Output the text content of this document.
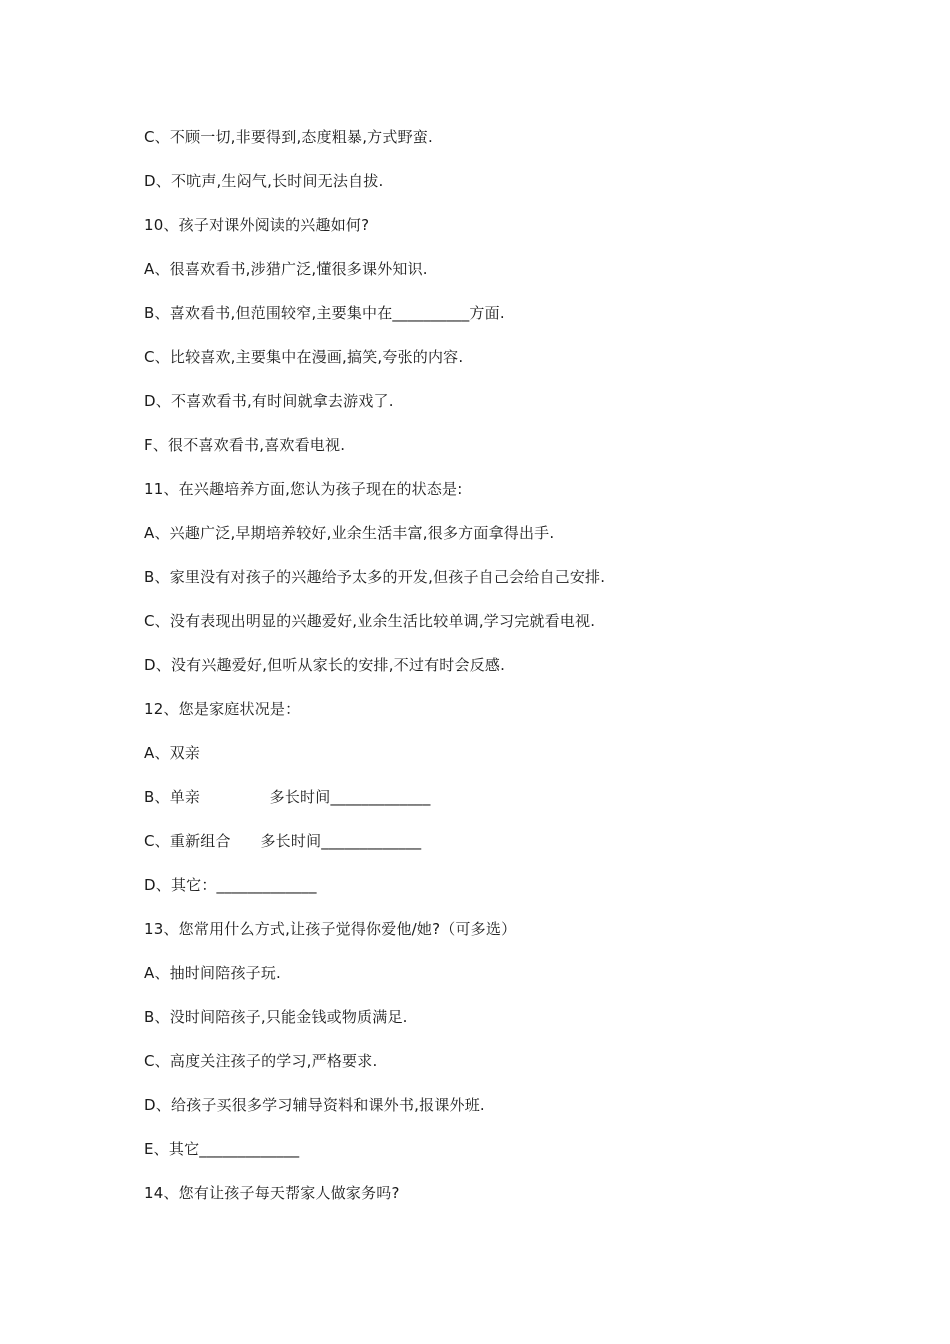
C、不顾一切,非要得到,态度粗暴,方式野蛮.
D、不吭声,生闷气,长时间无法自拔.
10、孩子对课外阅读的兴趣如何?
A、很喜欢看书,涉猎广泛,懂很多课外知识.
B、喜欢看书,但范围较窄,主要集中在__________方面.
C、比较喜欢,主要集中在漫画,搞笑,夸张的内容.
D、不喜欢看书,有时间就拿去游戏了.
F、很不喜欢看书,喜欢看电视.
11、在兴趣培养方面,您认为孩子现在的状态是:
A、兴趣广泛,早期培养较好,业余生活丰富,很多方面拿得出手.
B、家里没有对孩子的兴趣给予太多的开发,但孩子自己会给自己安排.
C、没有表现出明显的兴趣爱好,业余生活比较单调,学习完就看电视.
D、没有兴趣爱好,但听从家长的安排,不过有时会反感.
12、您是家庭状况是：
A、双亲
B、单亲              多长时间_____________
C、重新组合      多长时间_____________
D、其它：_____________
13、您常用什么方式,让孩子觉得你爱他/她?（可多选）
A、抽时间陪孩子玩.
B、没时间陪孩子,只能金钱或物质满足.
C、高度关注孩子的学习,严格要求.
D、给孩子买很多学习辅导资料和课外书,报课外班.
E、其它_____________
14、您有让孩子每天帮家人做家务吗?
